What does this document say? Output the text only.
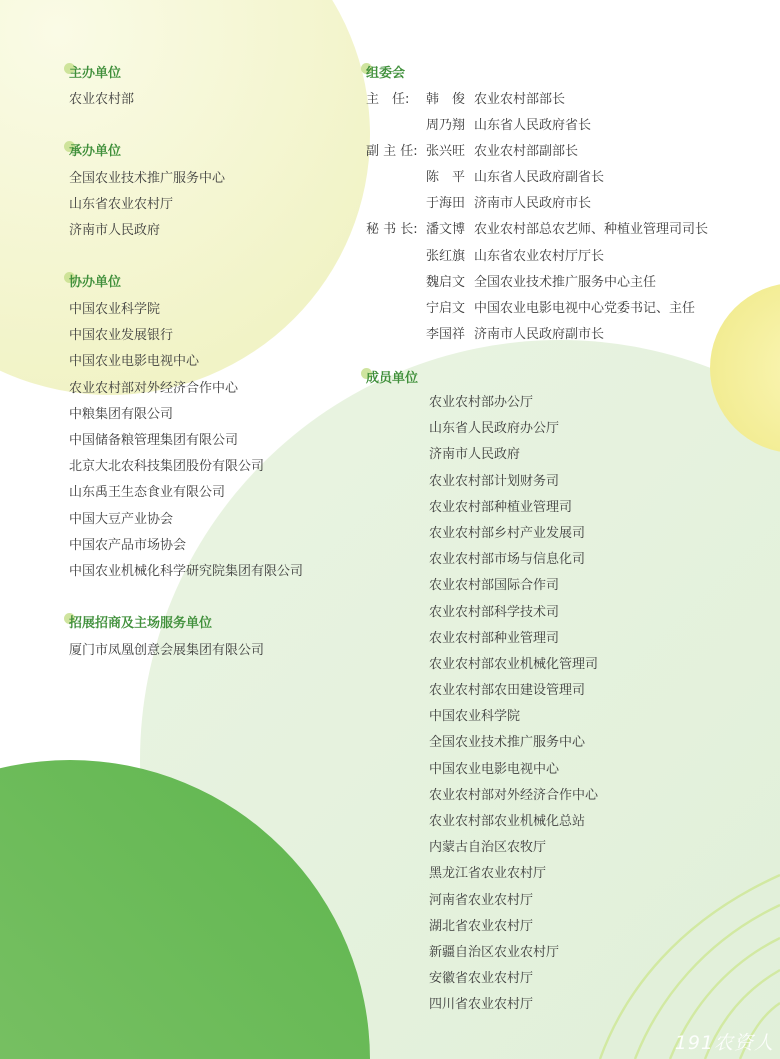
主办单位
农业农村部
承办单位
全国农业技术推广服务中心
山东省农业农村厅
济南市人民政府
协办单位
中国农业科学院
中国农业发展银行
中国农业电影电视中心
农业农村部对外经济合作中心
中粮集团有限公司
中国储备粮管理集团有限公司
北京大北农科技集团股份有限公司
山东禹王生态食业有限公司
中国大豆产业协会
中国农产品市场协会
中国农业机械化科学研究院集团有限公司
招展招商及主场服务单位
厦门市凤凰创意会展集团有限公司
组委会
主　任:	韩　俊 农业农村部部长
周乃翔 山东省人民政府省长
副 主 任: 张兴旺 农业农村部副部长
陈　平 山东省人民政府副省长
于海田 济南市人民政府市长
秘 书 长: 潘文博 农业农村部总农艺师、种植业管理司司长
张红旗 山东省农业农村厅厅长
魏启文 全国农业技术推广服务中心主任
宁启文 中国农业电影电视中心党委书记、主任
李国祥 济南市人民政府副市长
成员单位
农业农村部办公厅
山东省人民政府办公厅
济南市人民政府
农业农村部计划财务司
农业农村部种植业管理司
农业农村部乡村产业发展司
农业农村部市场与信息化司
农业农村部国际合作司
农业农村部科学技术司
农业农村部种业管理司
农业农村部农业机械化管理司
农业农村部农田建设管理司
中国农业科学院
全国农业技术推广服务中心
中国农业电影电视中心
农业农村部对外经济合作中心
农业农村部农业机械化总站
内蒙古自治区农牧厅
黑龙江省农业农村厅
河南省农业农村厅
湖北省农业农村厅
新疆自治区农业农村厅
安徽省农业农村厅
四川省农业农村厅
191农资人
